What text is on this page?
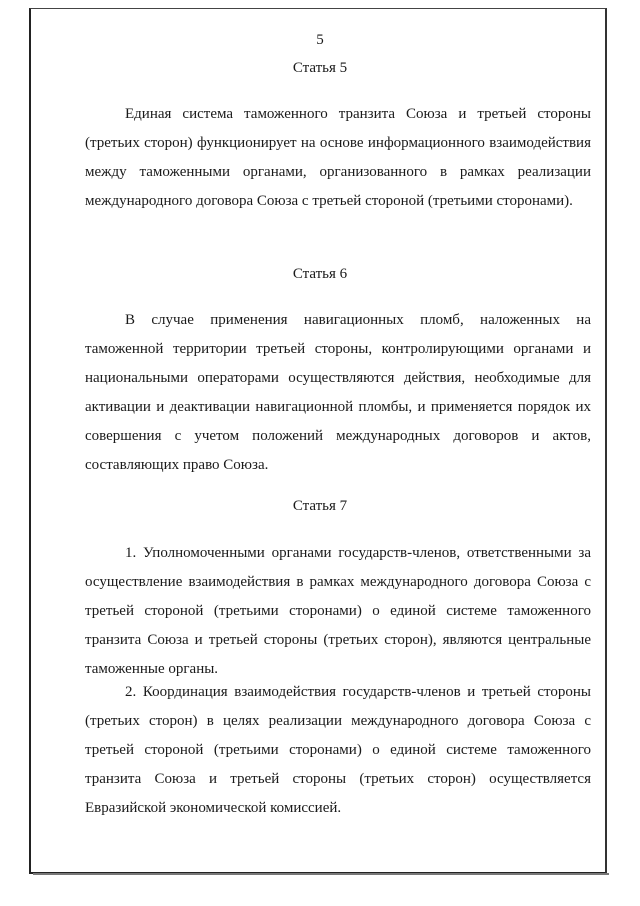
5
Статья 5

Единая система таможенного транзита Союза и третьей стороны (третьих сторон) функционирует на основе информационного взаимодействия между таможенными органами, организованного в рамках реализации международного договора Союза с третьей стороной (третьими сторонами).

Статья 6

В случае применения навигационных пломб, наложенных на таможенной территории третьей стороны, контролирующими органами и национальными операторами осуществляются действия, необходимые для активации и деактивации навигационной пломбы, и применяется порядок их совершения с учетом положений международных договоров и актов, составляющих право Союза.

Статья 7

1. Уполномоченными органами государств-членов, ответственными за осуществление взаимодействия в рамках международного договора Союза с третьей стороной (третьими сторонами) о единой системе таможенного транзита Союза и третьей стороны (третьих сторон), являются центральные таможенные органы.

2. Координация взаимодействия государств-членов и третьей стороны (третьих сторон) в целях реализации международного договора Союза с третьей стороной (третьими сторонами) о единой системе таможенного транзита Союза и третьей стороны (третьих сторон) осуществляется Евразийской экономической комиссией.
